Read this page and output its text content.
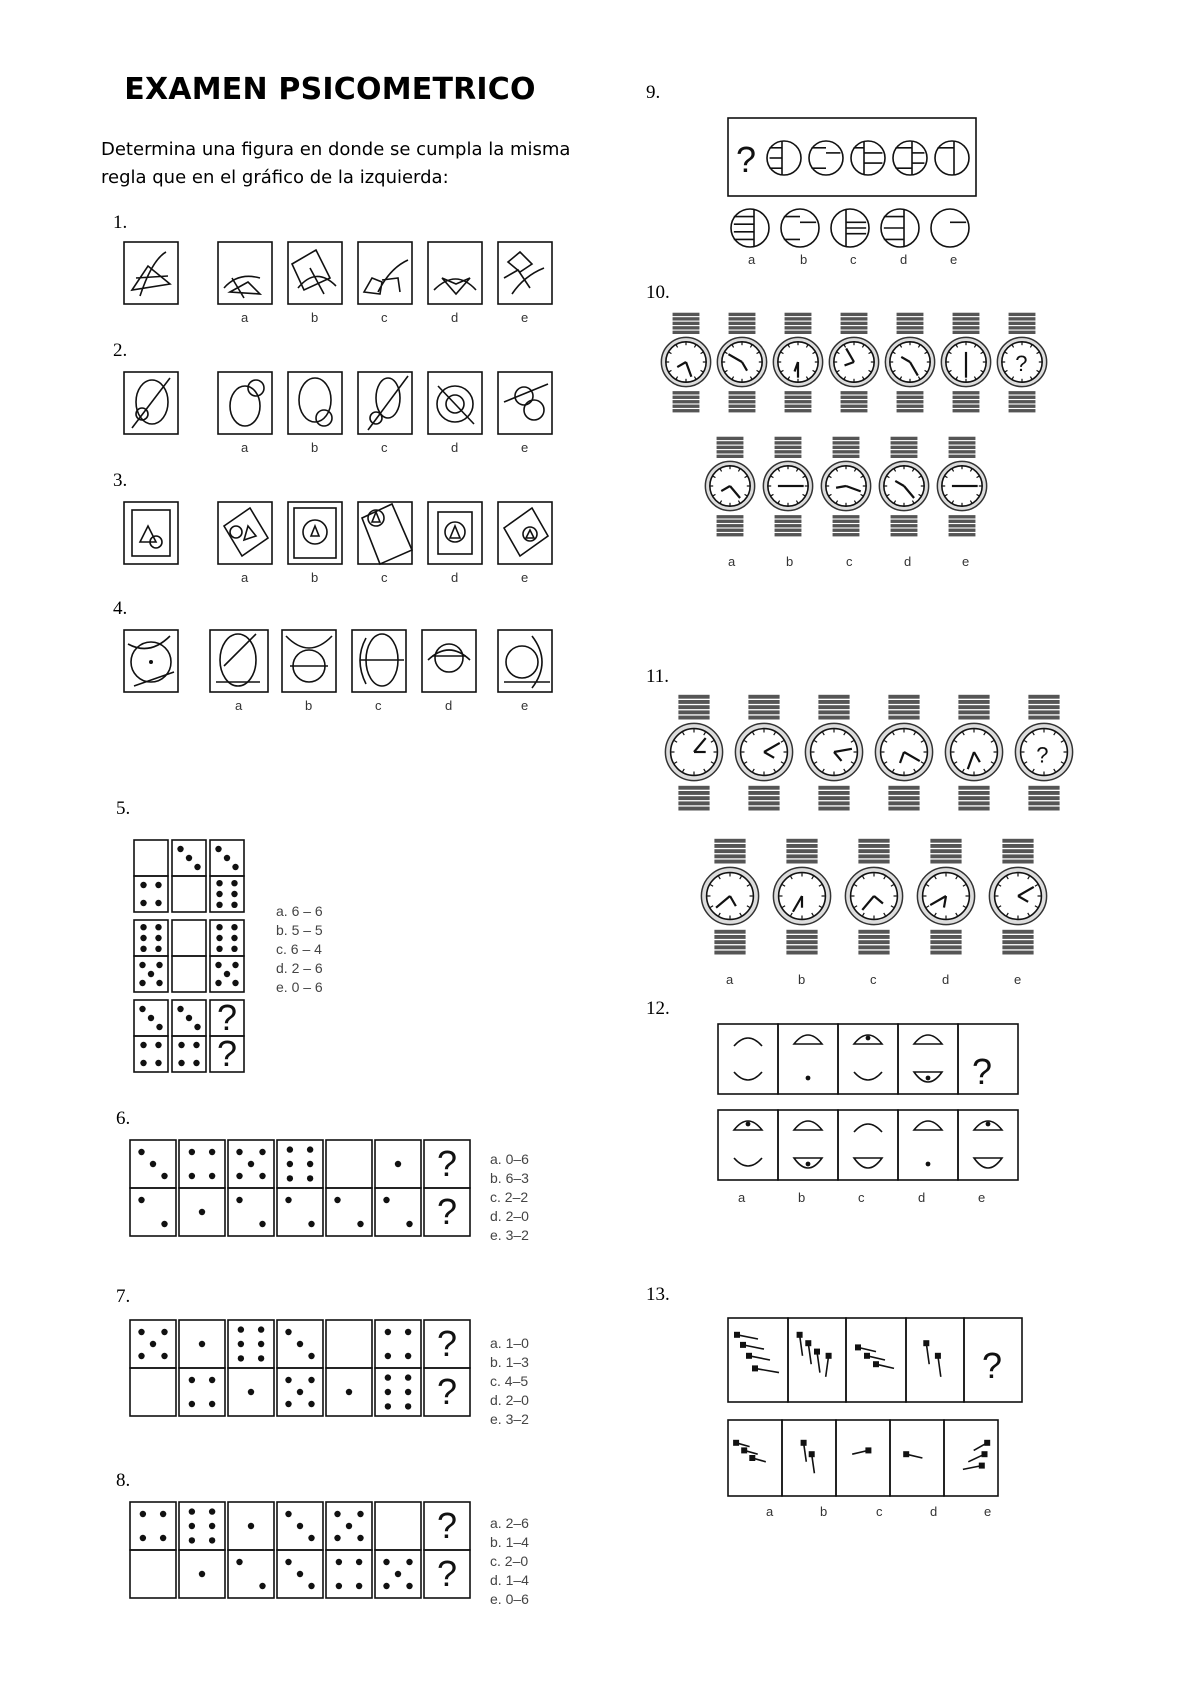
EXAMEN PSICOMETRICO
Determina una figura en donde se cumpla la misma regla que en el gráfico de la izquierda:
1.
2.
3.
4.
5.
6.
7.
8.
9.
10.
11.
12.
13.
a	b	c	d	e
a	b	c	d	e
a	b	c	d	e
a	b	c	d	e
?
?
a. 6 – 6
b. 5 – 5
c. 6 – 4
d. 2 – 6
e. 0 – 6
?
?
a. 0–6
b. 6–3
c. 2–2
d. 2–0
e. 3–2
?
?
a. 1–0
b. 1–3
c. 4–5
d. 2–0
e. 3–2
?
?
a. 2–6
b. 1–4
c. 2–0
d. 1–4
e. 0–6
?
a	b	c	d	e
a	b	c	d	e
?
a	b	c	d	e
?
?
a	b	c	d	e
?
a	b	c	d	e
